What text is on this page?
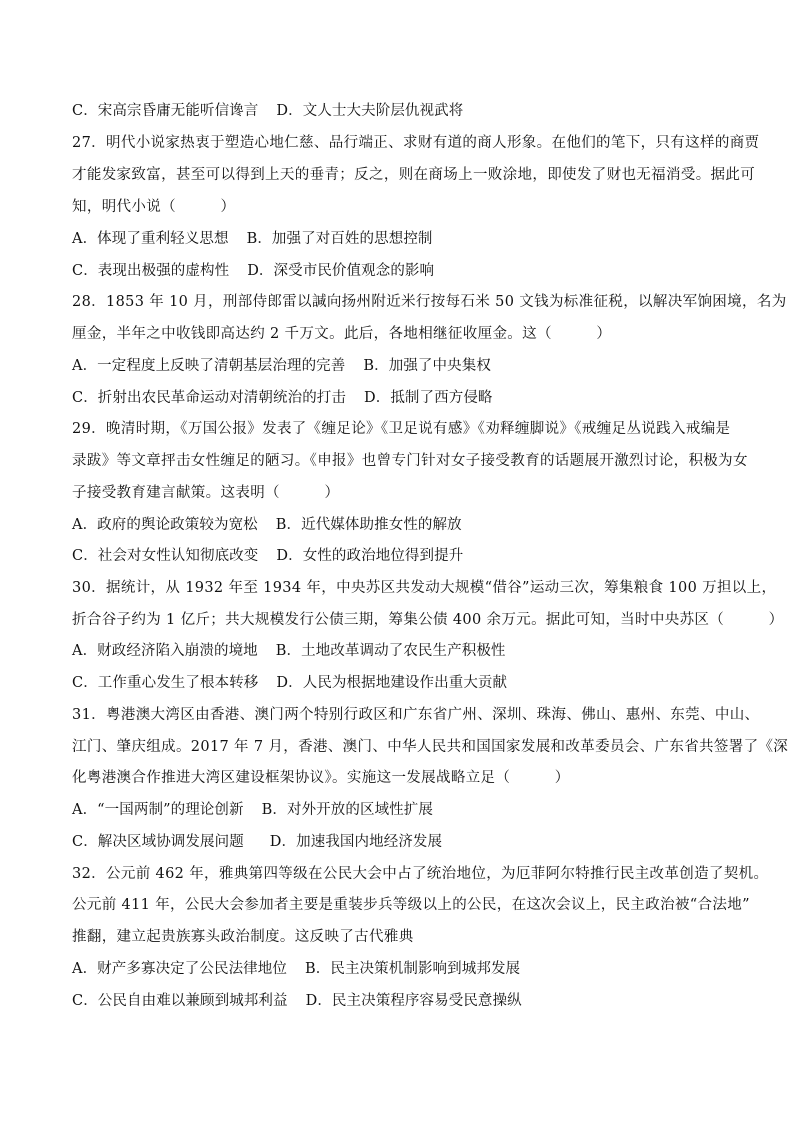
C．宋高宗昏庸无能听信谗言 D．文人士大夫阶层仇视武将
27．明代小说家热衷于塑造心地仁慈、品行端正、求财有道的商人形象。在他们的笔下，只有这样的商贾
才能发家致富，甚至可以得到上天的垂青；反之，则在商场上一败涂地，即使发了财也无福消受。据此可
知，明代小说（　　　）
A．体现了重利轻义思想 B．加强了对百姓的思想控制
C．表现出极强的虚构性 D．深受市民价值观念的影响
28．1853 年 10 月，刑部侍郎雷以諴向扬州附近米行按每石米 50 文钱为标准征税，以解决军饷困境，名为
厘金，半年之中收钱即高达约 2 千万文。此后，各地相继征收厘金。这（　　　）
A．一定程度上反映了清朝基层治理的完善 B．加强了中央集权
C．折射出农民革命运动对清朝统治的打击 D．抵制了西方侵略
29．晚清时期，《万国公报》发表了《缠足论》《卫足说有感》《劝释缠脚说》《戒缠足丛说践入戒编是
录跋》等文章抨击女性缠足的陋习。《申报》也曾专门针对女子接受教育的话题展开激烈讨论，积极为女
子接受教育建言献策。这表明（　　　）
A．政府的舆论政策较为宽松 B．近代媒体助推女性的解放
C．社会对女性认知彻底改变 D．女性的政治地位得到提升
30．据统计，从 1932 年至 1934 年，中央苏区共发动大规模“借谷”运动三次，筹集粮食 100 万担以上，
折合谷子约为 1 亿斤；共大规模发行公债三期，筹集公债 400 余万元。据此可知，当时中央苏区（　　　）
A．财政经济陷入崩溃的境地 B．土地改革调动了农民生产积极性
C．工作重心发生了根本转移 D．人民为根据地建设作出重大贡献
31．粤港澳大湾区由香港、澳门两个特别行政区和广东省广州、深圳、珠海、佛山、惠州、东莞、中山、
江门、肇庆组成。2017 年 7 月，香港、澳门、中华人民共和国国家发展和改革委员会、广东省共签署了《深
化粤港澳合作推进大湾区建设框架协议》。实施这一发展战略立足（　　　）
A．“一国两制”的理论创新 B．对外开放的区域性扩展
C．解决区域协调发展问题 D．加速我国内地经济发展
32．公元前 462 年，雅典第四等级在公民大会中占了统治地位，为厄菲阿尔特推行民主改革创造了契机。
公元前 411 年，公民大会参加者主要是重装步兵等级以上的公民，在这次会议上，民主政治被“合法地”
推翻，建立起贵族寡头政治制度。这反映了古代雅典
A．财产多寡决定了公民法律地位 B．民主决策机制影响到城邦发展
C．公民自由难以兼顾到城邦利益 D．民主决策程序容易受民意操纵
